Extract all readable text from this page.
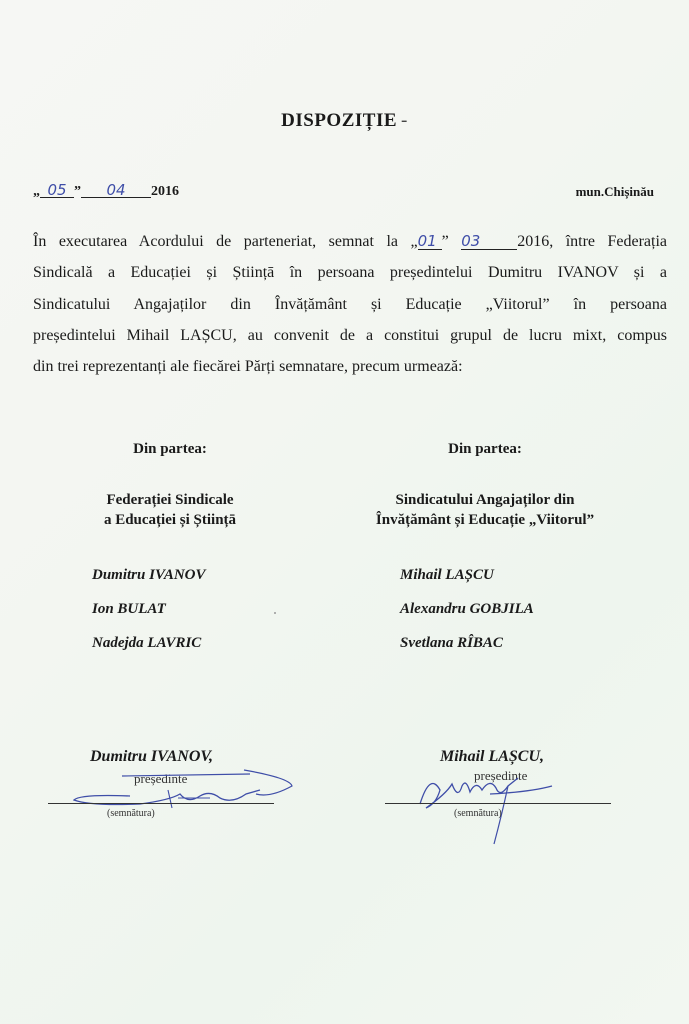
DISPOZIȚIE -
„ 05 ” 04 2016	mun.Chișinău
În executarea Acordului de parteneriat, semnat la „01 ” 03 2016, între Federația
Sindicală a Educației și Științā în persoana președintelui Dumitru IVANOV și a
Sindicatului Angajaților din Învățământ și Educație „Viitorul” în persoana
președintelui Mihail LAȘCU, au convenit de a constitui grupul de lucru mixt, compus
din trei reprezentanți ale fiecărei Părți semnatare, precum urmează:
Din partea:
Federației Sindicale
a Educației și Științā
Din partea:
Sindicatului Angajaților din
Învățământ și Educație „Viitorul”
Dumitru IVANOV
Ion BULAT
Nadejda LAVRIC
Mihail LAȘCU
Alexandru GOBJILA
Svetlana RÎBAC
Dumitru IVANOV,
președinte
(semnătura)
Mihail LAȘCU,
președinte
(semnătura)
